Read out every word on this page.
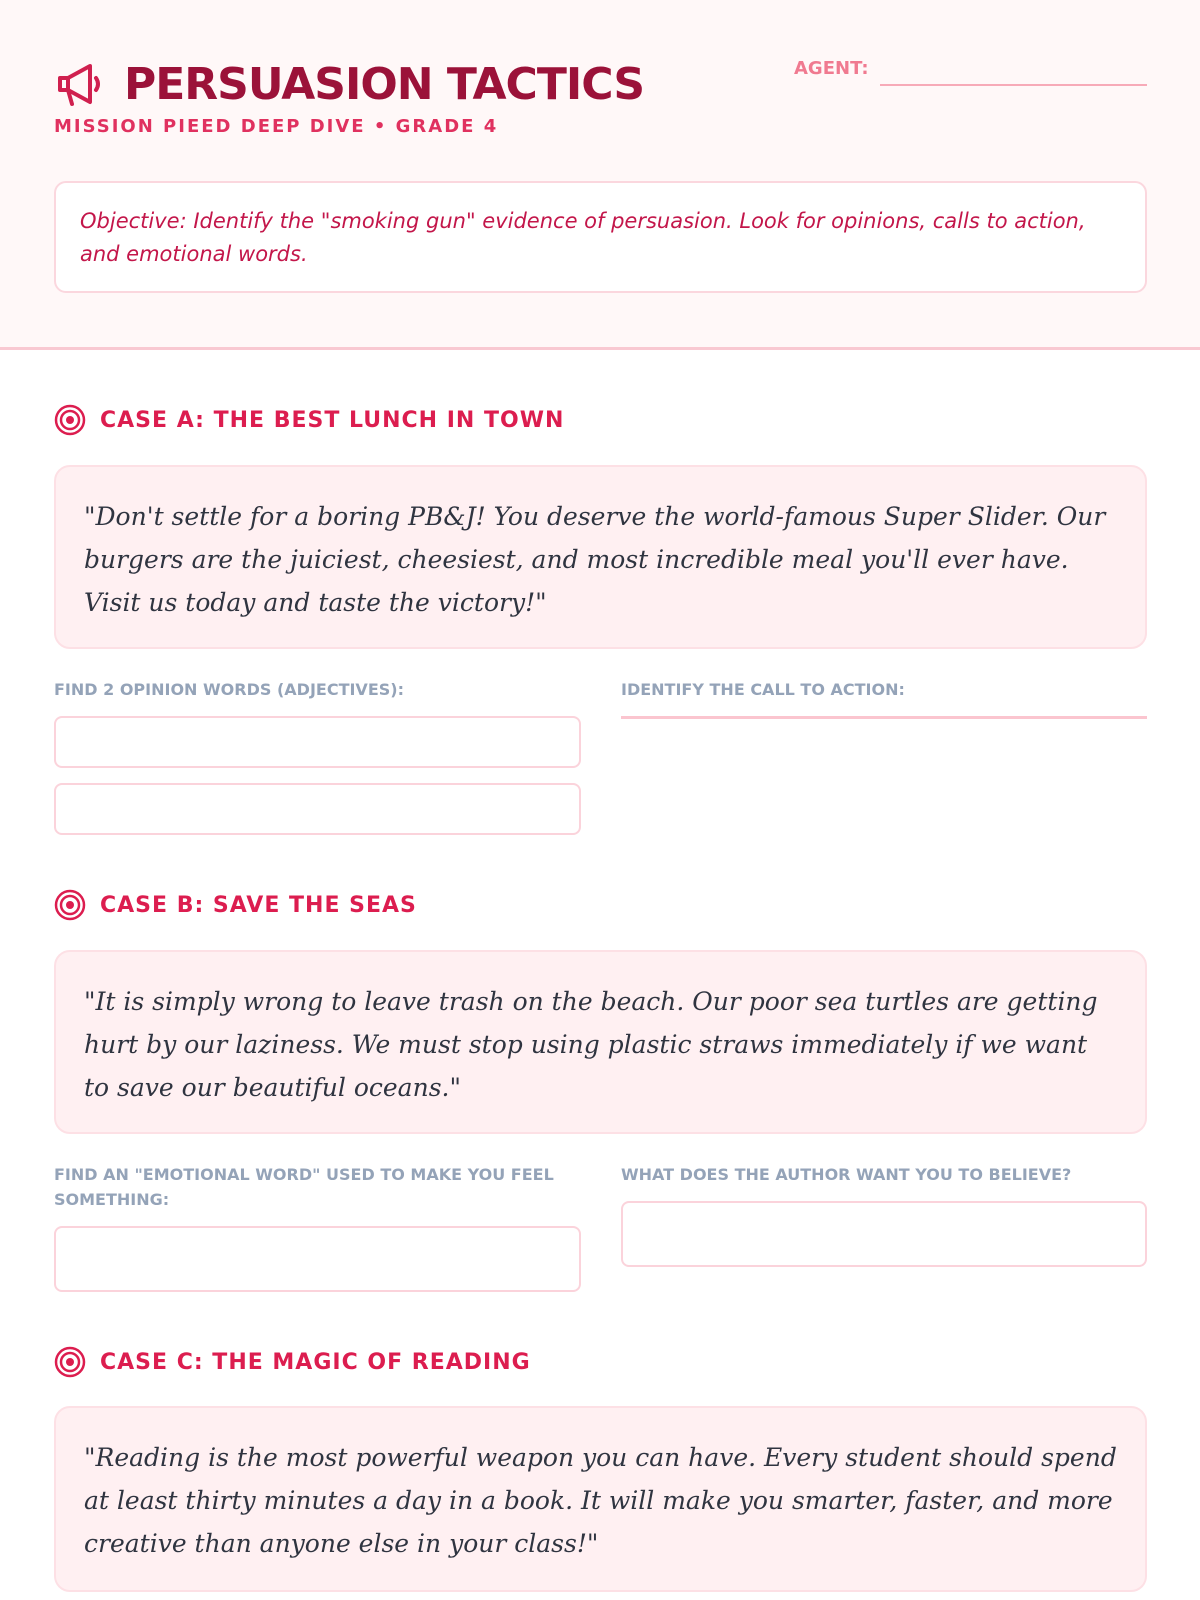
PERSUASION TACTICS
MISSION PIEED DEEP DIVE • GRADE 4
AGENT:
Objective: Identify the "smoking gun" evidence of persuasion. Look for opinions, calls to action, and emotional words.
CASE A: THE BEST LUNCH IN TOWN
"Don't settle for a boring PB&J! You deserve the world-famous Super Slider. Our burgers are the juiciest, cheesiest, and most incredible meal you'll ever have. Visit us today and taste the victory!"
FIND 2 OPINION WORDS (ADJECTIVES):	IDENTIFY THE CALL TO ACTION:
CASE B: SAVE THE SEAS
"It is simply wrong to leave trash on the beach. Our poor sea turtles are getting hurt by our laziness. We must stop using plastic straws immediately if we want to save our beautiful oceans."
FIND AN "EMOTIONAL WORD" USED TO MAKE YOU FEEL SOMETHING:
WHAT DOES THE AUTHOR WANT YOU TO BELIEVE?
CASE C: THE MAGIC OF READING
"Reading is the most powerful weapon you can have. Every student should spend at least thirty minutes a day in a book. It will make you smarter, faster, and more creative than anyone else in your class!"
